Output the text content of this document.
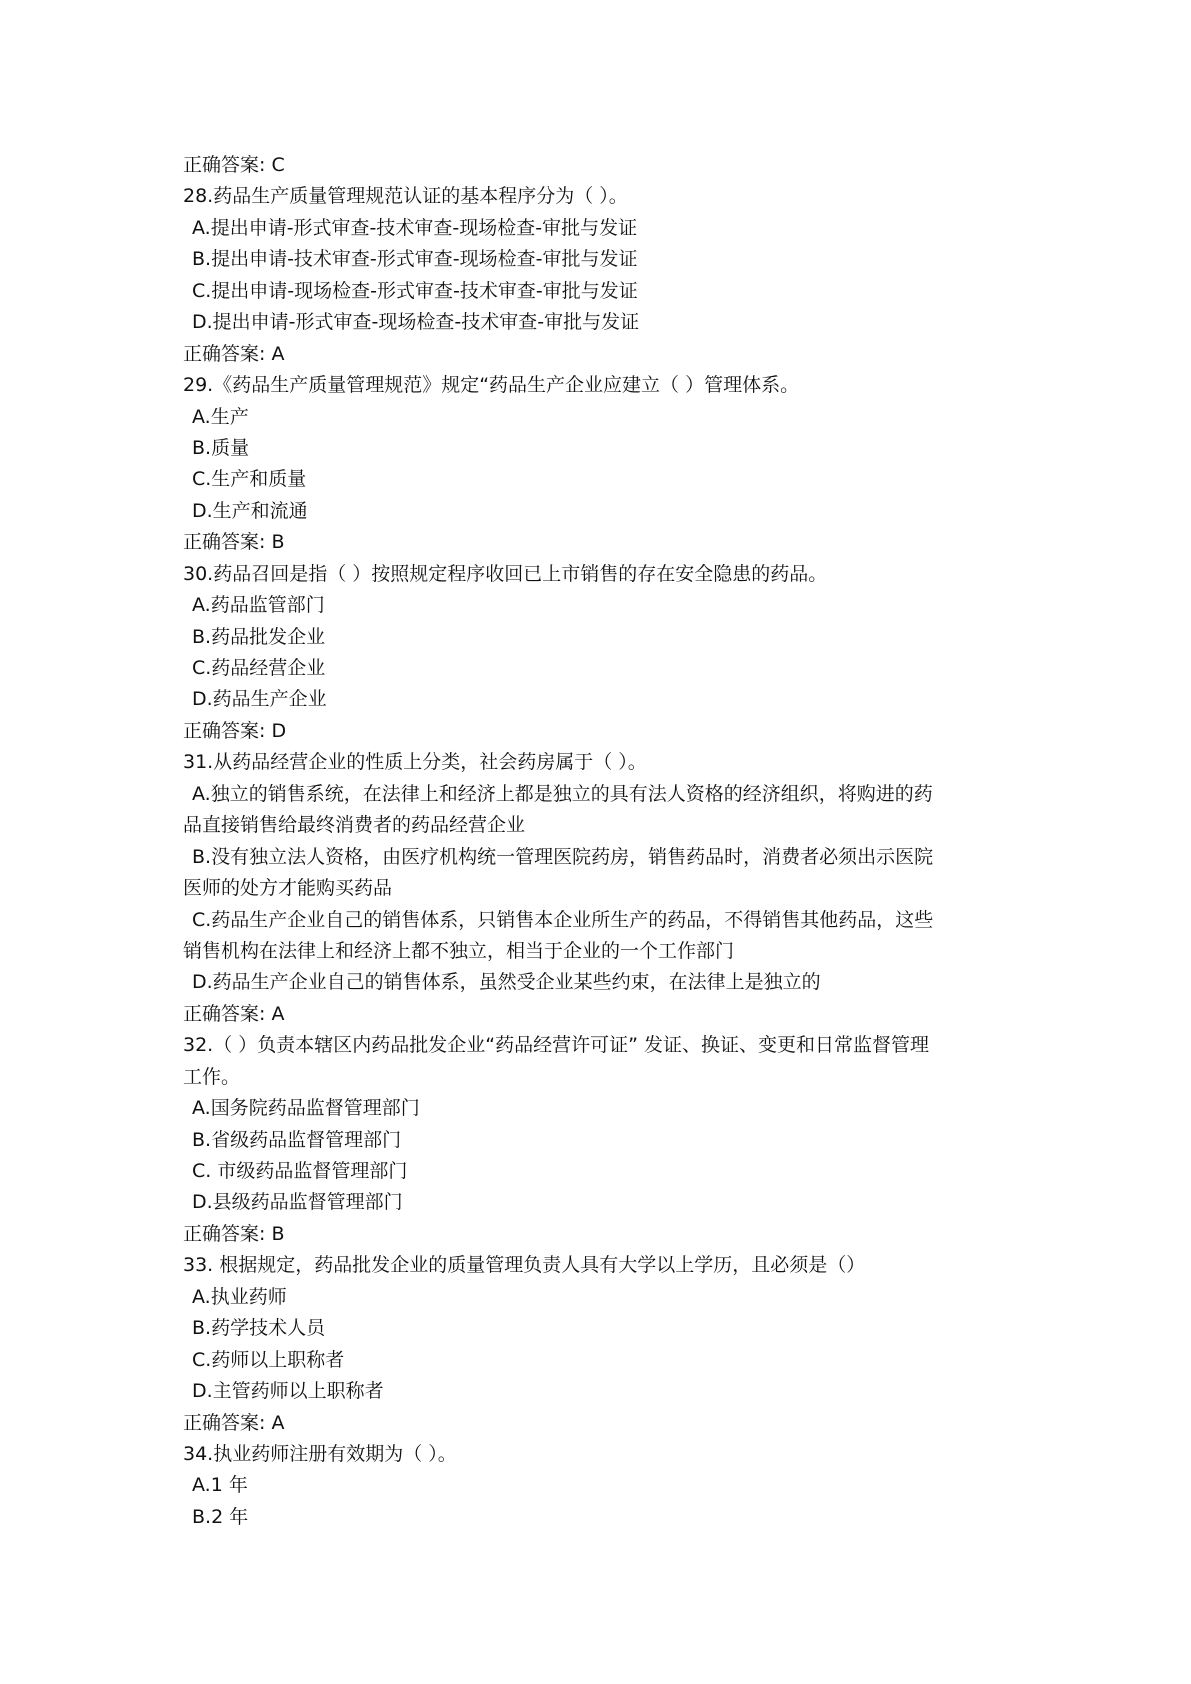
正确答案: C
28.药品生产质量管理规范认证的基本程序分为（ ）。
A.提出申请-形式审查-技术审查-现场检查-审批与发证
B.提出申请-技术审查-形式审查-现场检查-审批与发证
C.提出申请-现场检查-形式审查-技术审查-审批与发证
D.提出申请-形式审查-现场检查-技术审查-审批与发证
正确答案: A
29.《药品生产质量管理规范》规定“药品生产企业应建立（ ）管理体系。
A.生产
B.质量
C.生产和质量
D.生产和流通
正确答案: B
30.药品召回是指（ ）按照规定程序收回已上市销售的存在安全隐患的药品。
A.药品监管部门
B.药品批发企业
C.药品经营企业
D.药品生产企业
正确答案: D
31.从药品经营企业的性质上分类，社会药房属于（ ）。
A.独立的销售系统，在法律上和经济上都是独立的具有法人资格的经济组织，将购进的药
品直接销售给最终消费者的药品经营企业
B.没有独立法人资格，由医疗机构统一管理医院药房，销售药品时，消费者必须出示医院
医师的处方才能购买药品
C.药品生产企业自己的销售体系，只销售本企业所生产的药品，不得销售其他药品，这些
销售机构在法律上和经济上都不独立，相当于企业的一个工作部门
D.药品生产企业自己的销售体系，虽然受企业某些约束，在法律上是独立的
正确答案: A
32.（ ）负责本辖区内药品批发企业“药品经营许可证” 发证、换证、变更和日常监督管理
工作。
A.国务院药品监督管理部门
B.省级药品监督管理部门
C. 市级药品监督管理部门
D.县级药品监督管理部门
正确答案: B
33. 根据规定，药品批发企业的质量管理负责人具有大学以上学历，且必须是（）
A.执业药师
B.药学技术人员
C.药师以上职称者
D.主管药师以上职称者
正确答案: A
34.执业药师注册有效期为（ ）。
A.1 年
B.2 年
